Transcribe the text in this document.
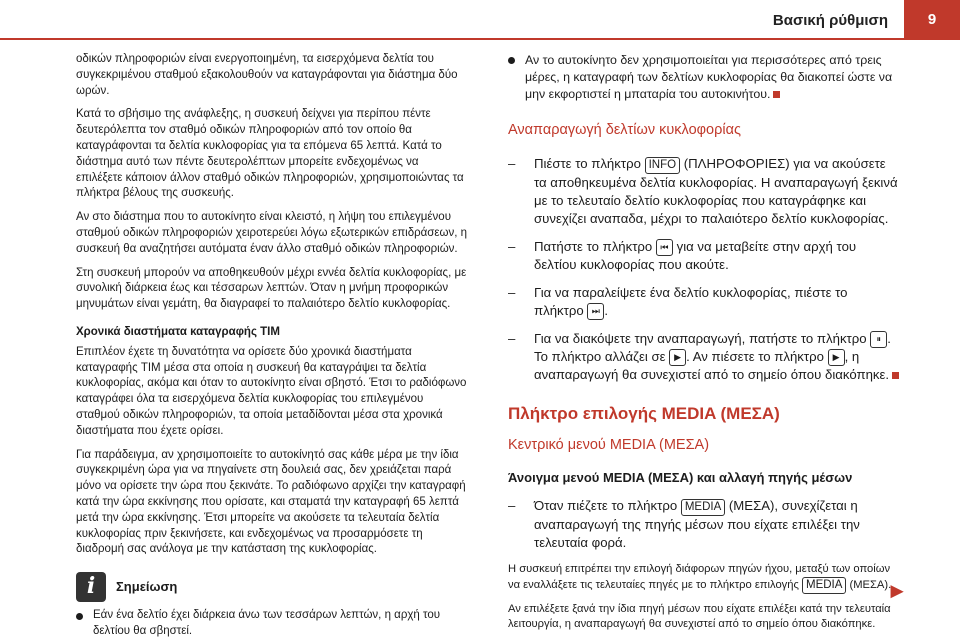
Βασική ρύθμιση	9

οδικών πληροφοριών είναι ενεργοποιημένη, τα εισερχόμενα δελτία του συγκεκριμένου σταθμού εξακολουθούν να καταγράφονται για διάστημα δύο ωρών.

Κατά το σβήσιμο της ανάφλεξης, η συσκευή δείχνει για περίπου πέντε δευτερόλεπτα τον σταθμό οδικών πληροφοριών από τον οποίο θα καταγράφονται τα δελτία κυκλοφορίας για τα επόμενα 65 λεπτά. Κατά το διάστημα αυτό των πέντε δευτερολέπτων μπορείτε ενδεχομένως να επιλέξετε κάποιον άλλον σταθμό οδικών πληροφοριών, χρησιμοποιώντας τα πλήκτρα βέλους της συσκευής.

Αν στο διάστημα που το αυτοκίνητο είναι κλειστό, η λήψη του επιλεγμένου σταθμού οδικών πληροφοριών χειροτερεύει λόγω εξωτερικών επιδράσεων, η συσκευή θα αναζητήσει αυτόματα έναν άλλο σταθμό οδικών πληροφοριών.

Στη συσκευή μπορούν να αποθηκευθούν μέχρι εννέα δελτία κυκλοφορίας, με συνολική διάρκεια έως και τέσσαρων λεπτών. Όταν η μνήμη προφορικών μηνυμάτων είναι γεμάτη, θα διαγραφεί το παλαιότερο δελτίο κυκλοφορίας.

Χρονικά διαστήματα καταγραφής TIM

Επιπλέον έχετε τη δυνατότητα να ορίσετε δύο χρονικά διαστήματα καταγραφής TIM μέσα στα οποία η συσκευή θα καταγράψει τα δελτία κυκλοφορίας, ακόμα και όταν το αυτοκίνητο είναι σβηστό. Έτσι το ραδιόφωνο καταγράφει όλα τα εισερχόμενα δελτία κυκλοφορίας του επιλεγμένου σταθμού οδικών πληροφοριών, τα οποία μεταδίδονται μέσα στα χρονικά διαστήματα που έχετε ορίσει.

Για παράδειγμα, αν χρησιμοποιείτε το αυτοκίνητό σας κάθε μέρα με την ίδια συγκεκριμένη ώρα για να πηγαίνετε στη δουλειά σας, δεν χρειάζεται παρά μόνο να ορίσετε την ώρα που ξεκινάτε. Το ραδιόφωνο αρχίζει την καταγραφή κατά την ώρα εκκίνησης που ορίσατε, και σταματά την καταγραφή 65 λεπτά μετά την ώρα εκκίνησης. Έτσι μπορείτε να ακούσετε τα τελευταία δελτία κυκλοφορίας πριν ξεκινήσετε, και ενδεχομένως να προσαρμόσετε τη διαδρομή σας ανάλογα με την κατάσταση της κυκλοφορίας.

i	Σημείωση
Εάν ένα δελτίο έχει διάρκεια άνω των τεσσάρων λεπτών, η αρχή του δελτίου θα σβηστεί.
Αν το αυτοκίνητο δεν χρησιμοποιείται για περισσότερες από τρεις μέρες, η καταγραφή των δελτίων κυκλοφορίας θα διακοπεί ώστε να μην εκφορτιστεί η μπαταρία του αυτοκινήτου.
Αναπαραγωγή δελτίων κυκλοφορίας
–	Πιέστε το πλήκτρο INFO (ΠΛΗΡΟΦΟΡΙΕΣ) για να ακούσετε τα αποθηκευμένα δελτία κυκλοφορίας. Η αναπαραγωγή ξεκινά με το τελευταίο δελτίο κυκλοφορίας που καταγράφηκε και συνεχίζει αναπαδα, μέχρι το παλαιότερο δελτίο κυκλοφορίας.
–	Πατήστε το πλήκτρο ⏮ για να μεταβείτε στην αρχή του δελτίου κυκλοφορίας που ακούτε.
–	Για να παραλείψετε ένα δελτίο κυκλοφορίας, πιέστε το πλήκτρο ⏭ .
–	Για να διακόψετε την αναπαραγωγή, πατήστε το πλήκτρο ⏸ . Το πλήκτρο αλλάζει σε ▶ . Αν πιέσετε το πλήκτρο ▶ , η αναπαραγωγή θα συνεχιστεί από το σημείο όπου διακόπηκε.
Πλήκτρο επιλογής MEDIA (ΜΕΣΑ)
Κεντρικό μενού MEDIA (ΜΕΣΑ)
Άνοιγμα μενού MEDIA (ΜΕΣΑ) και αλλαγή πηγής μέσων
–	Όταν πιέζετε το πλήκτρο MEDIA (ΜΕΣΑ), συνεχίζεται η αναπαραγωγή της πηγής μέσων που είχατε επιλέξει την τελευταία φορά.

Η συσκευή επιτρέπει την επιλογή διάφορων πηγών ήχου, μεταξύ των οποίων να εναλλάξετε τις τελευταίες πηγές με το πλήκτρο επιλογής MEDIA (ΜΕΣΑ).

Αν επιλέξετε ξανά την ίδια πηγή μέσων που είχατε επιλέξει κατά την τελευταία λειτουργία, η αναπαραγωγή θα συνεχιστεί από το σημείο όπου διακόπηκε.

►
